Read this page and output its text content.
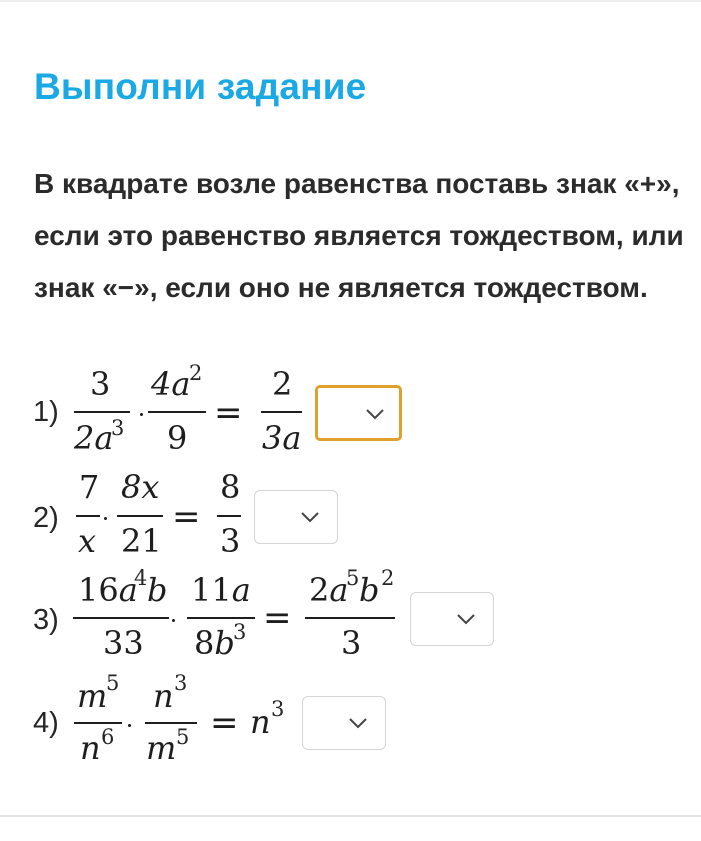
Выполни задание
В квадрате возле равенства поставь знак «+», если это равенство является тождеством, или знак «−», если оно не является тождеством.
1)
3
2a
3
4a
2
9
=
2
3a
2)
7
x
8x
21
=
8
3
3)
16a
4 b
33
11a
8b
3 =
2a
5 b 2
3
4)
m
5
n 6
n 3
m 5 = n 3
